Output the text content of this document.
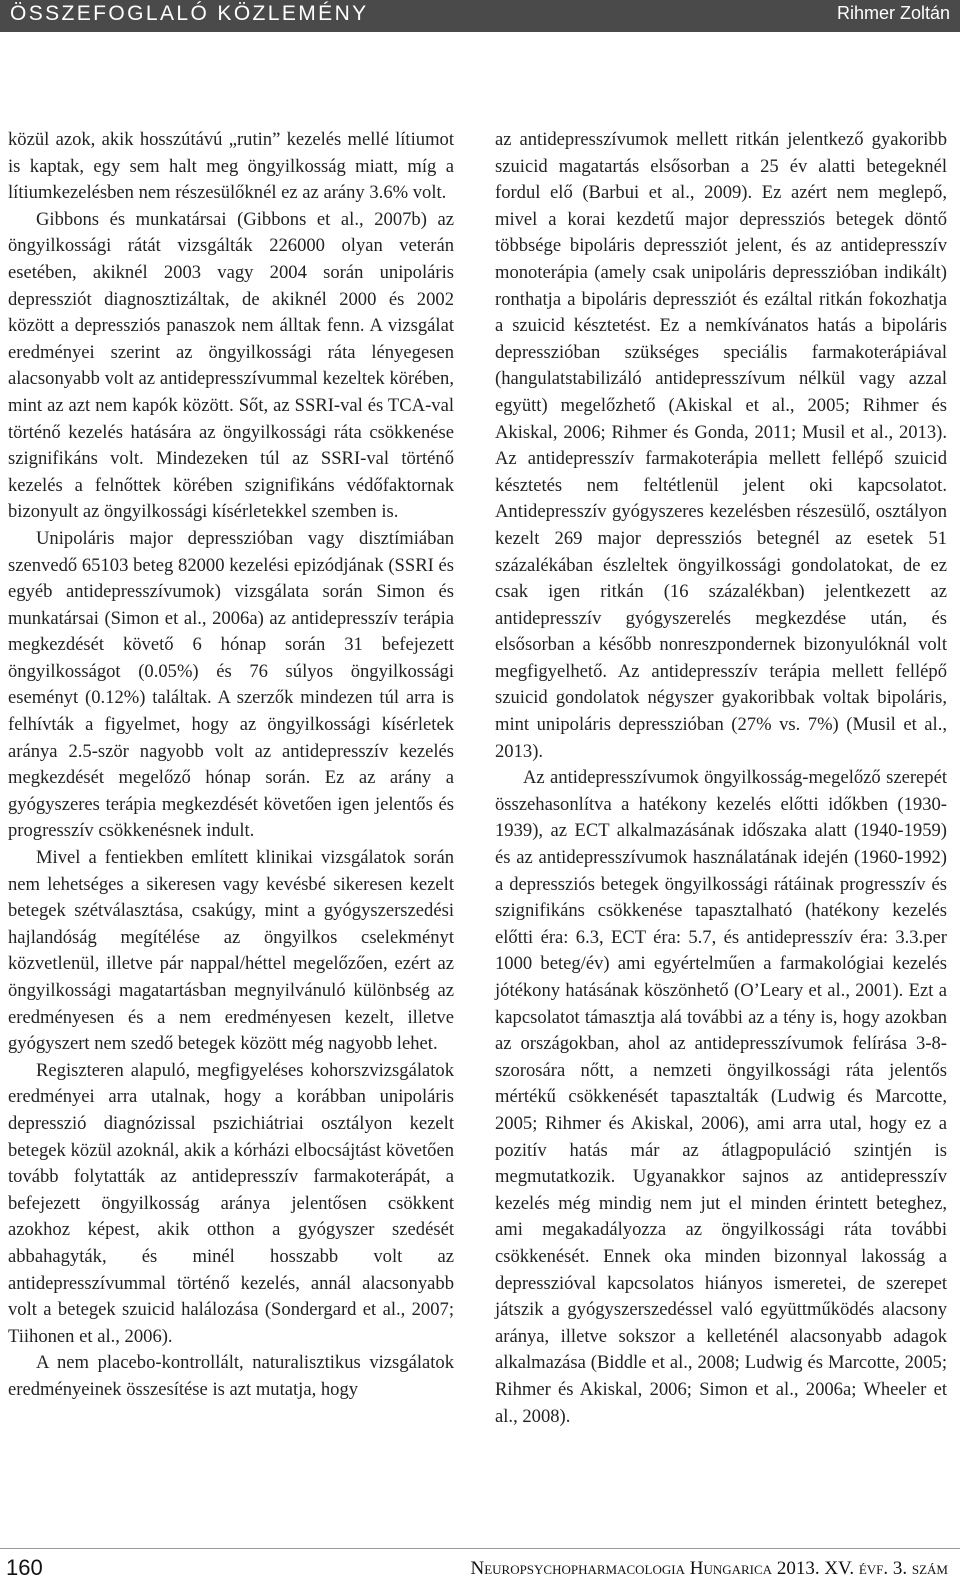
ÖSSZEFOGLALÓ KÖZLEMÉNY	Rihmer Zoltán

közül azok, akik hosszútávú „rutin” kezelés mellé lítiumot is kaptak, egy sem halt meg öngyilkosság miatt, míg a lítiumkezelésben nem részesülőknél ez az arány 3.6% volt.

Gibbons és munkatársai (Gibbons et al., 2007b) az öngyilkossági rátát vizsgálták 226000 olyan veterán esetében, akiknél 2003 vagy 2004 során unipoláris depressziót diagnosztizáltak, de akiknél 2000 és 2002 között a depressziós panaszok nem álltak fenn. A vizsgálat eredményei szerint az öngyilkossági ráta lényegesen alacsonyabb volt az antidepresszívummal kezeltek körében, mint az azt nem kapók között. Sőt, az SSRI-val és TCA-val történő kezelés hatására az öngyilkossági ráta csökkenése szignifikáns volt. Mindezeken túl az SSRI-val történő kezelés a felnőttek körében szignifikáns védőfaktornak bizonyult az öngyilkossági kísérletekkel szemben is.

Unipoláris major depresszióban vagy disztímiában szenvedő 65103 beteg 82000 kezelési epizódjának (SSRI és egyéb antidepresszívumok) vizsgálata során Simon és munkatársai (Simon et al., 2006a) az antidepresszív terápia megkezdését követő 6 hónap során 31 befejezett öngyilkosságot (0.05%) és 76 súlyos öngyilkossági eseményt (0.12%) találtak. A szerzők mindezen túl arra is felhívták a figyelmet, hogy az öngyilkossági kísérletek aránya 2.5-ször nagyobb volt az antidepresszív kezelés megkezdését megelőző hónap során. Ez az arány a gyógyszeres terápia megkezdését követően igen jelentős és progresszív csökkenésnek indult.

Mivel a fentiekben említett klinikai vizsgálatok során nem lehetséges a sikeresen vagy kevésbé sikeresen kezelt betegek szétválasztása, csakúgy, mint a gyógyszerszedési hajlandóság megítélése az öngyilkos cselekményt közvetlenül, illetve pár nappal/héttel megelőzően, ezért az öngyilkossági magatartásban megnyilvánuló különbség az eredményesen és a nem eredményesen kezelt, illetve gyógyszert nem szedő betegek között még nagyobb lehet.

Regiszteren alapuló, megfigyeléses kohorszvizsgálatok eredményei arra utalnak, hogy a korábban unipoláris depresszió diagnózissal pszichiátriai osztályon kezelt betegek közül azoknál, akik a kórházi elbocsájtást követően tovább folytatták az antidepresszív farmakoterápát, a befejezett öngyilkosság aránya jelentősen csökkent azokhoz képest, akik otthon a gyógyszer szedését abbahagyták, és minél hosszabb volt az antidepresszívummal történő kezelés, annál alacsonyabb volt a betegek szuicid halálozása (Sondergard et al., 2007; Tiihonen et al., 2006).

A nem placebo-kontrollált, naturalisztikus vizsgálatok eredményeinek összesítése is azt mutatja, hogy

az antidepresszívumok mellett ritkán jelentkező gyakoribb szuicid magatartás elsősorban a 25 év alatti betegeknél fordul elő (Barbui et al., 2009). Ez azért nem meglepő, mivel a korai kezdetű major depressziós betegek döntő többsége bipoláris depressziót jelent, és az antidepresszív monoterápia (amely csak unipoláris depresszióban indikált) ronthatja a bipoláris depressziót és ezáltal ritkán fokozhatja a szuicid késztetést. Ez a nemkívánatos hatás a bipoláris depresszióban szükséges speciális farmakoterápiával (hangulatstabilizáló antidepresszívum nélkül vagy azzal együtt) megelőzhető (Akiskal et al., 2005; Rihmer és Akiskal, 2006; Rihmer és Gonda, 2011; Musil et al., 2013). Az antidepresszív farmakoterápia mellett fellépő szuicid késztetés nem feltétlenül jelent oki kapcsolatot. Antidepresszív gyógyszeres kezelésben részesülő, osztályon kezelt 269 major depressziós betegnél az esetek 51 százalékában észleltek öngyilkossági gondolatokat, de ez csak igen ritkán (16 százalékban) jelentkezett az antidepresszív gyógyszerelés megkezdése után, és elsősorban a később nonreszpondernek bizonyulóknál volt megfigyelhető. Az antidepresszív terápia mellett fellépő szuicid gondolatok négyszer gyakoribbak voltak bipoláris, mint unipoláris depresszióban (27% vs. 7%) (Musil et al., 2013).

Az antidepresszívumok öngyilkosság-megelőző szerepét összehasonlítva a hatékony kezelés előtti időkben (1930-1939), az ECT alkalmazásának időszaka alatt (1940-1959) és az antidepresszívumok használatának idején (1960-1992) a depressziós betegek öngyilkossági rátáinak progresszív és szignifikáns csökkenése tapasztalható (hatékony kezelés előtti éra: 6.3, ECT éra: 5.7, és antidepresszív éra: 3.3.per 1000 beteg/év) ami egyértelműen a farmakológiai kezelés jótékony hatásának köszönhető (O’Leary et al., 2001). Ezt a kapcsolatot támasztja alá további az a tény is, hogy azokban az országokban, ahol az antidepresszívumok felírása 3-8-szorosára nőtt, a nemzeti öngyilkossági ráta jelentős mértékű csökkenését tapasztalták (Ludwig és Marcotte, 2005; Rihmer és Akiskal, 2006), ami arra utal, hogy ez a pozitív hatás már az átlagpopuláció szintjén is megmutatkozik. Ugyanakkor sajnos az antidepresszív kezelés még mindig nem jut el minden érintett beteghez, ami megakadályozza az öngyilkossági ráta további csökkenését. Ennek oka minden bizonnyal lakosság a depresszióval kapcsolatos hiányos ismeretei, de szerepet játszik a gyógyszerszedéssel való együttműködés alacsony aránya, illetve sokszor a kelleténél alacsonyabb adagok alkalmazása (Biddle et al., 2008; Ludwig és Marcotte, 2005; Rihmer és Akiskal, 2006; Simon et al., 2006a; Wheeler et al., 2008).

160	Neuropsychopharmacologia Hungarica 2013. XV. évf. 3. szám
